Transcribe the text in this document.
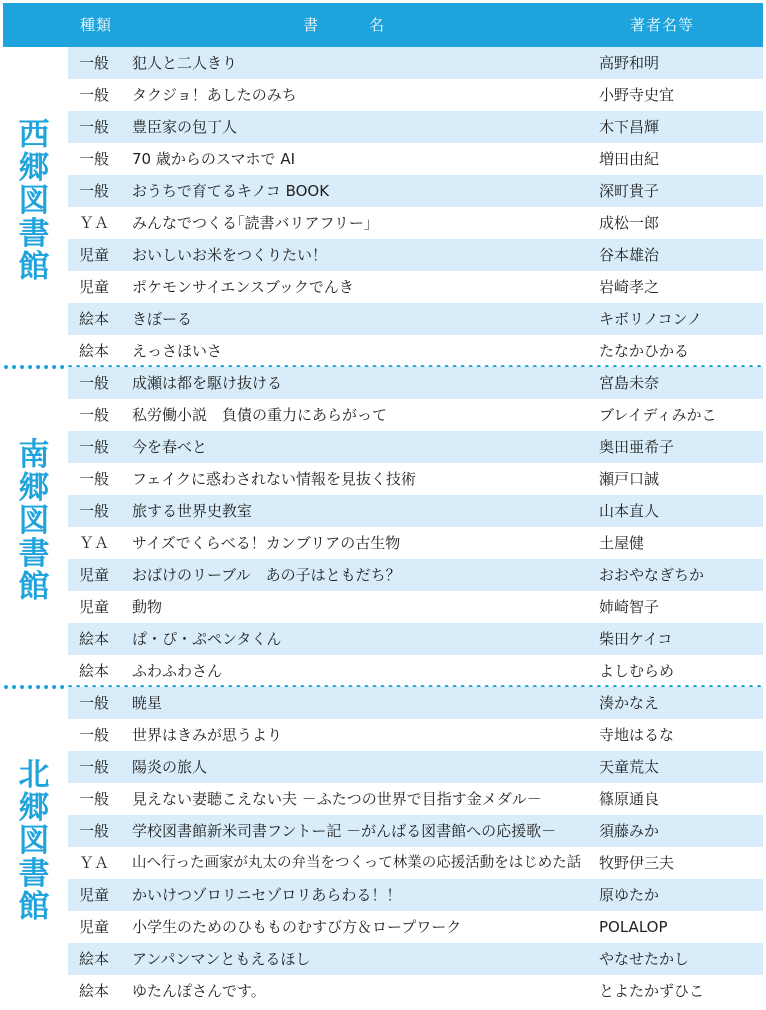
種類	書　名	著者名等
西郷図書館
一般	犯人と二人きり	高野和明
一般	タクジョ！あしたのみち	小野寺史宜
一般	豊臣家の包丁人	木下昌輝
一般	70 歳からのスマホで AI	増田由紀
一般	おうちで育てるキノコ BOOK	深町貴子
ＹＡ	みんなでつくる｢読書バリアフリー｣	成松一郎
児童	おいしいお米をつくりたい！	谷本雄治
児童	ポケモンサイエンスブックでんき	岩崎孝之
絵本	きぼーる	キボリノコンノ
絵本	えっさほいさ	たなかひかる
南郷図書館
一般	成瀬は都を駆け抜ける	宮島未奈
一般	私労働小説　負債の重力にあらがって	ブレイディみかこ
一般	今を春べと	奥田亜希子
一般	フェイクに惑わされない情報を見抜く技術	瀬戸口誠
一般	旅する世界史教室	山本直人
ＹＡ	サイズでくらべる！カンブリアの古生物	土屋健
児童	おばけのリーブル　あの子はともだち？	おおやなぎちか
児童	動物	姉崎智子
絵本	ぱ・ぴ・ぷペンタくん	柴田ケイコ
絵本	ふわふわさん	よしむらめ
北郷図書館
一般	暁星	湊かなえ
一般	世界はきみが思うより	寺地はるな
一般	陽炎の旅人	天童荒太
一般	見えない妻聴こえない夫 －ふたつの世界で目指す金メダル－	篠原通良
一般	学校図書館新米司書フントー記 －がんばる図書館への応援歌－	須藤みか
ＹＡ	山へ行った画家が丸太の弁当をつくって林業の応援活動をはじめた話 牧野伊三夫
児童	かいけつゾロリニセゾロリあらわる！！	原ゆたか
児童	小学生のためのひもものむすび方＆ロープワーク	POLALOP
絵本	アンパンマンともえるほし	やなせたかし
絵本	ゆたんぽさんです。	とよたかずひこ
